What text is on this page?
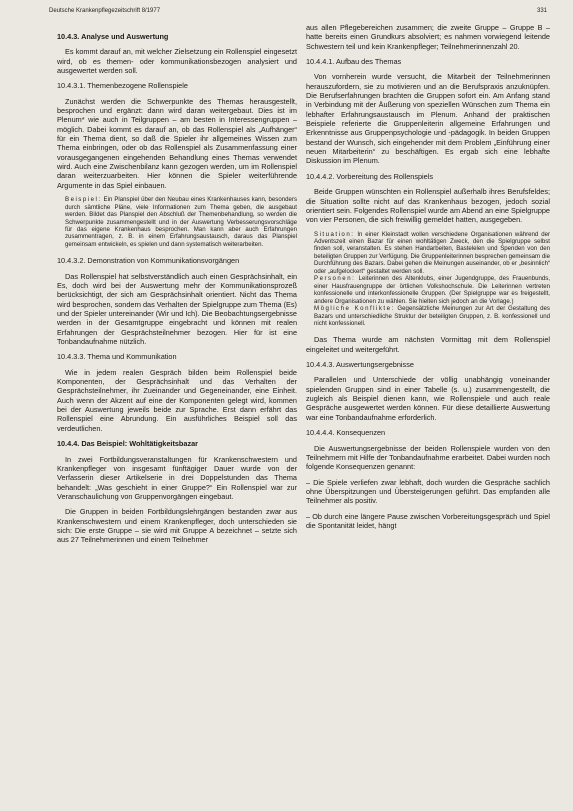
Deutsche Krankenpflegezeitschrift 8/1977	331
10.4.3. Analyse und Auswertung

Es kommt darauf an, mit welcher Zielsetzung ein Rollenspiel eingesetzt wird, ob es themen- oder kommunikationsbezogen analysiert und ausgewertet werden soll.

10.4.3.1. Themenbezogene Rollenspiele

Zunächst werden die Schwerpunkte des Themas herausgestellt, besprochen und ergänzt: dann wird daran weitergebaut. Dies ist im Plenum* wie auch in Teilgruppen – am besten in Interessengruppen – möglich. Dabei kommt es darauf an, ob das Rollenspiel als „Aufhänger“ für ein Thema dient, so daß die Spieler ihr allgemeines Wissen zum Thema einbringen, oder ob das Rollenspiel als Zusammenfassung einer vorausgegangenen eingehenden Behandlung eines Themas verwendet wird. Auch eine Zwischenbilanz kann gezogen werden, um im Rollenspiel daran weiterzuarbeiten. Hier können die Spieler weiterführende Argumente in das Spiel einbauen.

Beispiel: Ein Planspiel über den Neubau eines Krankenhauses kann, besonders durch sämtliche Pläne, viele Informationen zum Thema geben, die ausgebaut werden. Bildet das Planspiel den Abschluß der Themenbehandlung, so werden die Schwerpunkte zusammengestellt und in der Auswertung Verbesserungsvorschläge für das eigene Krankenhaus besprochen. Man kann aber auch Erfahrungen zusammentragen, z. B. in einem Erfahrungsaustausch, daraus das Planspiel gemeinsam entwickeln, es spielen und dann systematisch weiterarbeiten.

10.4.3.2. Demonstration von Kommunikationsvorgängen

Das Rollenspiel hat selbstverständlich auch einen Gesprächsinhalt, ein Es, doch wird bei der Auswertung mehr der Kommunikationsprozeß berücksichtigt, der sich am Gesprächsinhalt orientiert. Nicht das Thema wird besprochen, sondern das Verhalten der Spielgruppe zum Thema (Es) und der Spieler untereinander (Wir und Ich). Die Beobachtungsergebnisse werden in der Gesamtgruppe eingebracht und können mit realen Erfahrungen der Gesprächsteilnehmer bezogen. Hier für ist eine Tonbandaufnahme nützlich.

10.4.3.3. Thema und Kommunikation

Wie in jedem realen Gespräch bilden beim Rollenspiel beide Komponenten, der Gesprächsinhalt und das Verhalten der Gesprächsteilnehmer, ihr Zueinander und Gegeneinander, eine Einheit. Auch wenn der Akzent auf eine der Komponenten gelegt wird, kommen bei der Auswertung jeweils beide zur Sprache. Erst dann erfährt das Rollenspiel eine Abrundung. Ein ausführliches Beispiel soll das verdeutlichen.

10.4.4. Das Beispiel: Wohltätigkeitsbazar

In zwei Fortbildungsveranstaltungen für Krankenschwestern und Krankenpfleger von insgesamt fünftägiger Dauer wurde von der Verfasserin dieser Artikelserie in drei Doppelstunden das Thema behandelt: „Was geschieht in einer Gruppe?“ Ein Rollenspiel war zur Veranschaulichung von Gruppenvorgängen eingebaut.

Die Gruppen in beiden Fortbildungslehrgängen bestanden zwar aus Krankenschwestern und einem Krankenpfleger, doch unterschieden sie sich: Die erste Gruppe – sie wird mit Gruppe A bezeichnet – setzte sich aus 27 Teilnehmerinnen und einem Teilnehmer

aus allen Pflegebereichen zusammen; die zweite Gruppe – Gruppe B – hatte bereits einen Grundkurs absolviert; es nahmen vorwiegend leitende Schwestern teil und kein Krankenpfleger; Teilnehmerinnenzahl 20.

10.4.4.1. Aufbau des Themas

Von vornherein wurde versucht, die Mitarbeit der Teilnehmerinnen herauszufordern, sie zu motivieren und an die Berufspraxis anzuknüpfen. Die Berufserfahrungen brachten die Gruppen sofort ein. Am Anfang stand in Verbindung mit der Äußerung von speziellen Wünschen zum Thema ein lebhafter Erfahrungsaustausch im Plenum. Anhand der praktischen Beispiele referierte die Gruppenleiterin allgemeine Erfahrungen und Erkenntnisse aus Gruppenpsychologie und -pädagogik. In beiden Gruppen bestand der Wunsch, sich eingehender mit dem Problem „Einführung einer neuen Mitarbeiterin“ zu beschäftigen. Es ergab sich eine lebhafte Diskussion im Plenum.

10.4.4.2. Vorbereitung des Rollenspiels

Beide Gruppen wünschten ein Rollenspiel außerhalb ihres Berufsfeldes; die Situation sollte nicht auf das Krankenhaus bezogen, jedoch sozial orientiert sein. Folgendes Rollenspiel wurde am Abend an eine Spielgruppe von vier Personen, die sich freiwillig gemeldet hatten, ausgegeben.

Situation: In einer Kleinstadt wollen verschiedene Organisationen während der Adventszeit einen Bazar für einen wohltätigen Zweck, den die Spielgruppe selbst finden soll, veranstalten. Es stehen Handarbeiten, Bastelelen und Spenden von den beteiligten Gruppen zur Verfügung. Die Gruppenleiterinnen besprechen gemeinsam die Durchführung des Bazars. Dabei gehen die Meinungen auseinander, ob er „besinnlich“ oder „aufgelockert“ gestaltet werden soll.
Personen: Leiterinnen des Altenklubs, einer Jugendgruppe, des Frauenbunds, einer Hausfrauengruppe der örtlichen Volkshochschule. Die Leiterinnen vertreten konfessionelle und interkonfessionelle Gruppen. (Der Spielgruppe war es freigestellt, andere Organisationen zu wählen. Sie hielten sich jedoch an die Vorlage.)
Mögliche Konflikte: Gegensätzliche Meinungen zur Art der Gestaltung des Bazars und unterschiedliche Struktur der beteiligten Gruppen, z. B. konfessionell und nicht konfessionell.

Das Thema wurde am nächsten Vormittag mit dem Rollenspiel eingeleitet und weitergeführt.

10.4.4.3. Auswertungsergebnisse

Parallelen und Unterschiede der völlig unabhängig voneinander spielenden Gruppen sind in einer Tabelle (s. u.) zusammengestellt, die zugleich als Beispiel dienen kann, wie Rollenspiele und auch reale Gespräche ausgewertet werden können. Für diese detaillierte Auswertung war eine Tonbandaufnahme erforderlich.

10.4.4.4. Konsequenzen

Die Auswertungsergebnisse der beiden Rollenspiele wurden von den Teilnehmern mit Hilfe der Tonbandaufnahme erarbeitet. Dabei wurden noch folgende Konsequenzen genannt:

– Die Spiele verliefen zwar lebhaft, doch wurden die Gespräche sachlich ohne Überspitzungen und Übersteigerungen geführt. Das empfanden alle Teilnehmer als positiv.

– Ob durch eine längere Pause zwischen Vorbereitungsgespräch und Spiel die Spontanität leidet, hängt
